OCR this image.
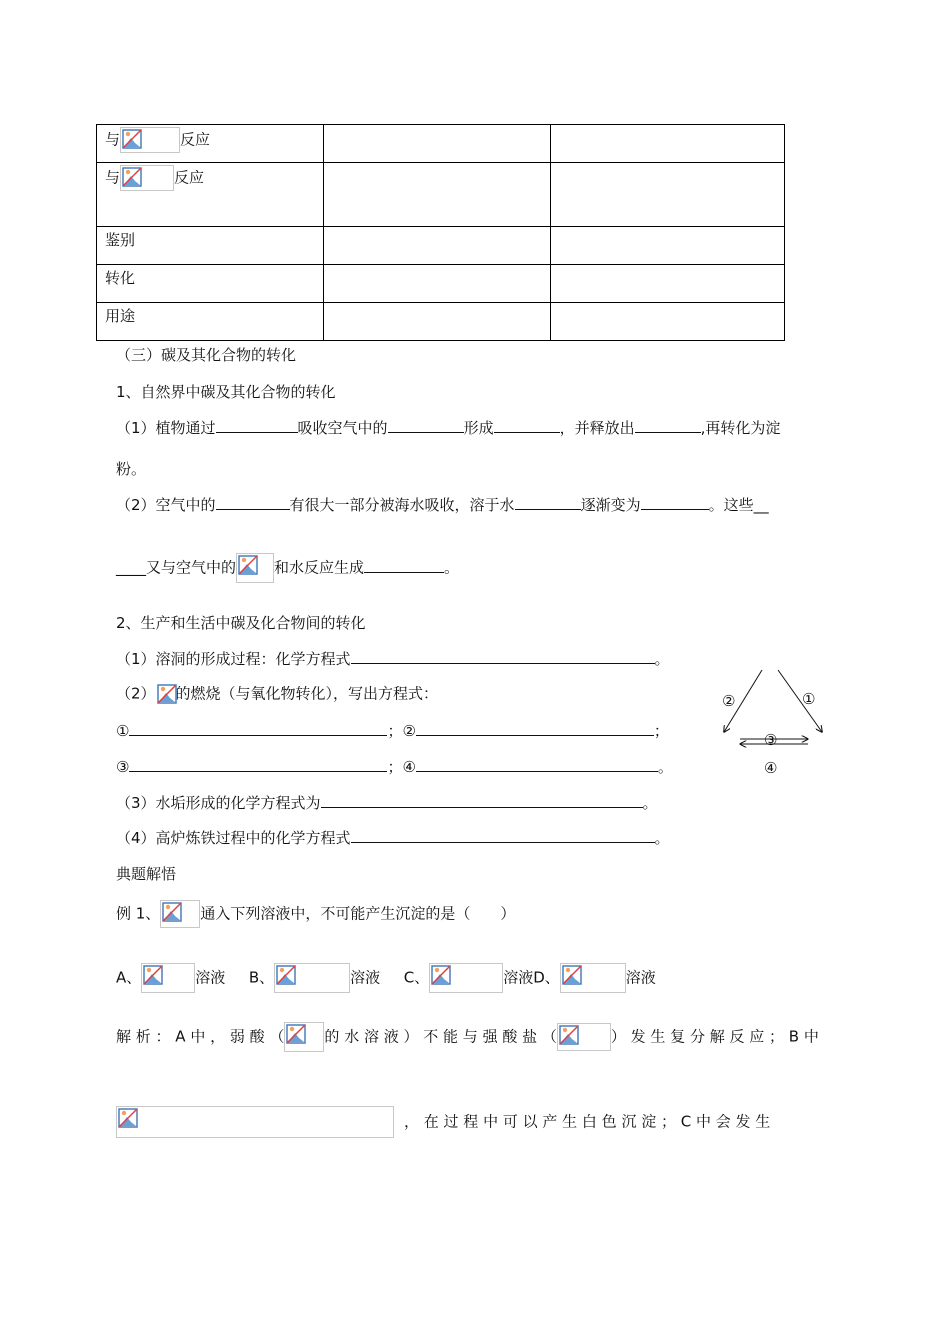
与 反应		
与 反应		
鉴别		
转化		
用途		
（三）碳及其化合物的转化
1、自然界中碳及其化合物的转化
（1）植物通过	吸收空气中的	形成	，并释放出	,再转化为淀
粉。
（2）空气中的	有很大一部分被海水吸收，溶于水	逐渐变为	。这些__
____又与空气中的	和水反应生成	。
2、生产和生活中碳及化合物间的转化
（1）溶洞的形成过程：化学方程式	。
（2） 的燃烧（与氧化物转化），写出方程式：
①	；②	；
③	；④	。
（3）水垢形成的化学方程式为	。
（4）高炉炼铁过程中的化学方程式	。
②	①
③
④
典题解悟
例 1、	通入下列溶液中，不可能产生沉淀的是（　　）
A、	溶液 B、	溶液 C、	溶液D、	溶液
解 析 ： A 中 ， 弱 酸 （	的 水 溶 液 ） 不 能 与 强 酸 盐 （	） 发 生 复 分 解 反 应 ； B 中
， 在 过 程 中 可 以 产 生 白 色 沉 淀 ； C 中 会 发 生
